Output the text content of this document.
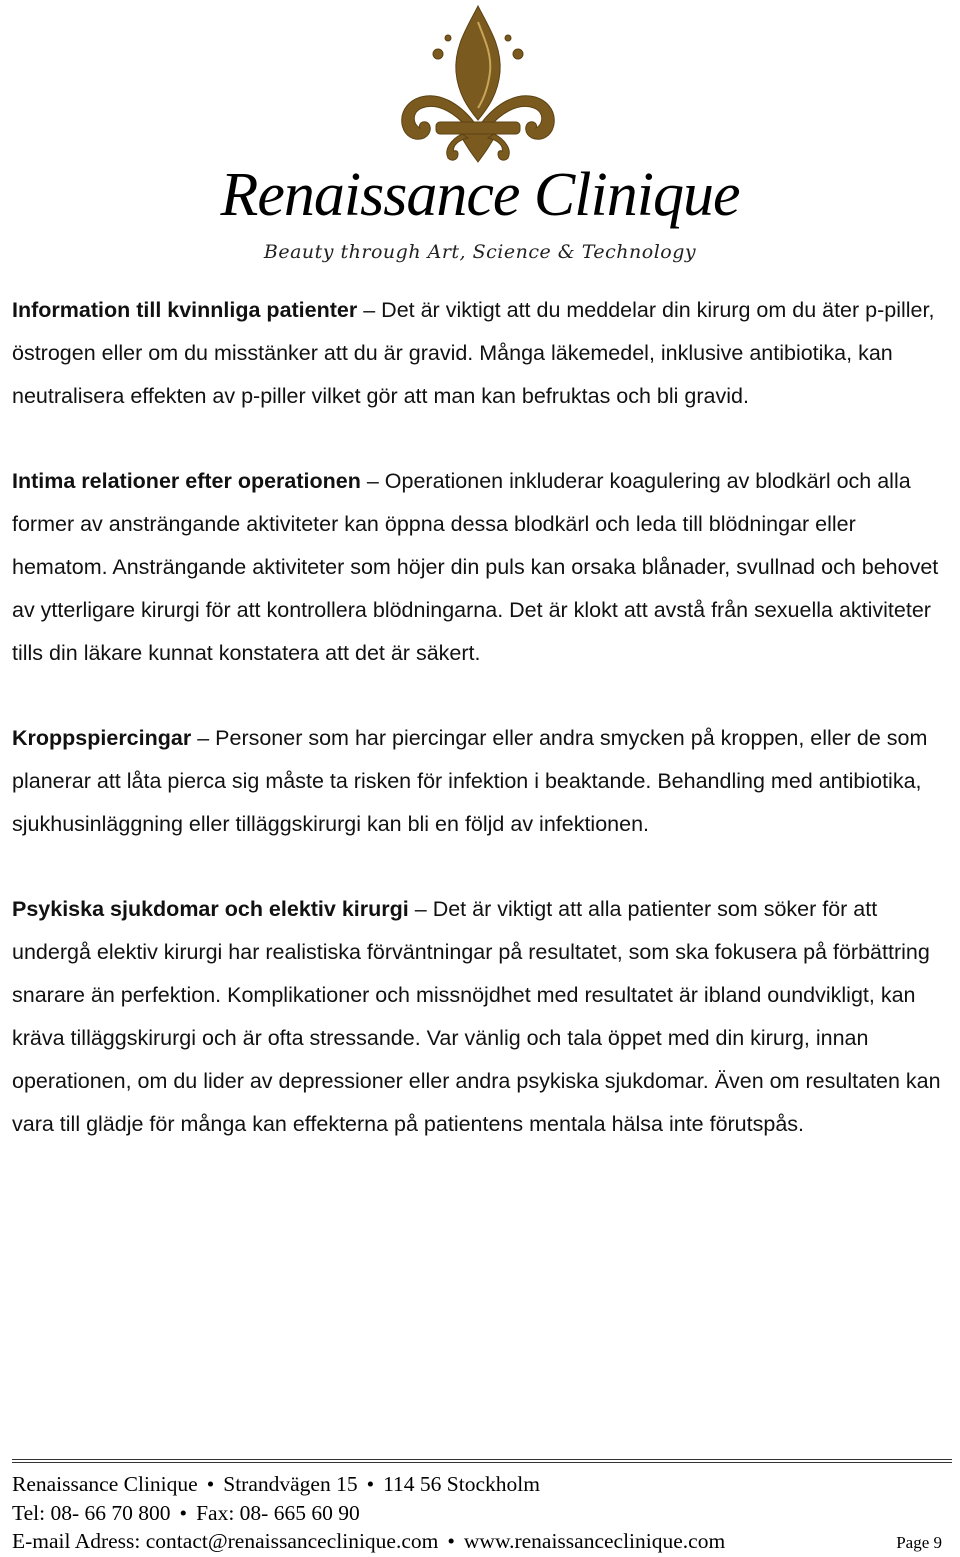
Renaissance Clinique
Beauty through Art, Science & Technology

Information till kvinnliga patienter – Det är viktigt att du meddelar din kirurg om du äter p-piller, östrogen eller om du misstänker att du är gravid. Många läkemedel, inklusive antibiotika, kan neutralisera effekten av p-piller vilket gör att man kan befruktas och bli gravid.

Intima relationer efter operationen – Operationen inkluderar koagulering av blodkärl och alla former av ansträngande aktiviteter kan öppna dessa blodkärl och leda till blödningar eller hematom. Ansträngande aktiviteter som höjer din puls kan orsaka blånader, svullnad och behovet av ytterligare kirurgi för att kontrollera blödningarna. Det är klokt att avstå från sexuella aktiviteter tills din läkare kunnat konstatera att det är säkert.

Kroppspiercingar – Personer som har piercingar eller andra smycken på kroppen, eller de som planerar att låta pierca sig måste ta risken för infektion i beaktande. Behandling med antibiotika, sjukhusinläggning eller tilläggskirurgi kan bli en följd av infektionen.

Psykiska sjukdomar och elektiv kirurgi – Det är viktigt att alla patienter som söker för att undergå elektiv kirurgi har realistiska förväntningar på resultatet, som ska fokusera på förbättring snarare än perfektion. Komplikationer och missnöjdhet med resultatet är ibland oundvikligt, kan kräva tilläggskirurgi och är ofta stressande. Var vänlig och tala öppet med din kirurg, innan operationen, om du lider av depressioner eller andra psykiska sjukdomar. Även om resultaten kan vara till glädje för många kan effekterna på patientens mentala hälsa inte förutspås.

Renaissance Clinique • Strandvägen 15 • 114 56 Stockholm
Tel: 08- 66 70 800 • Fax: 08- 665 60 90
E-mail Adress: contact@renaissanceclinique.com • www.renaissanceclinique.com	Page 9
